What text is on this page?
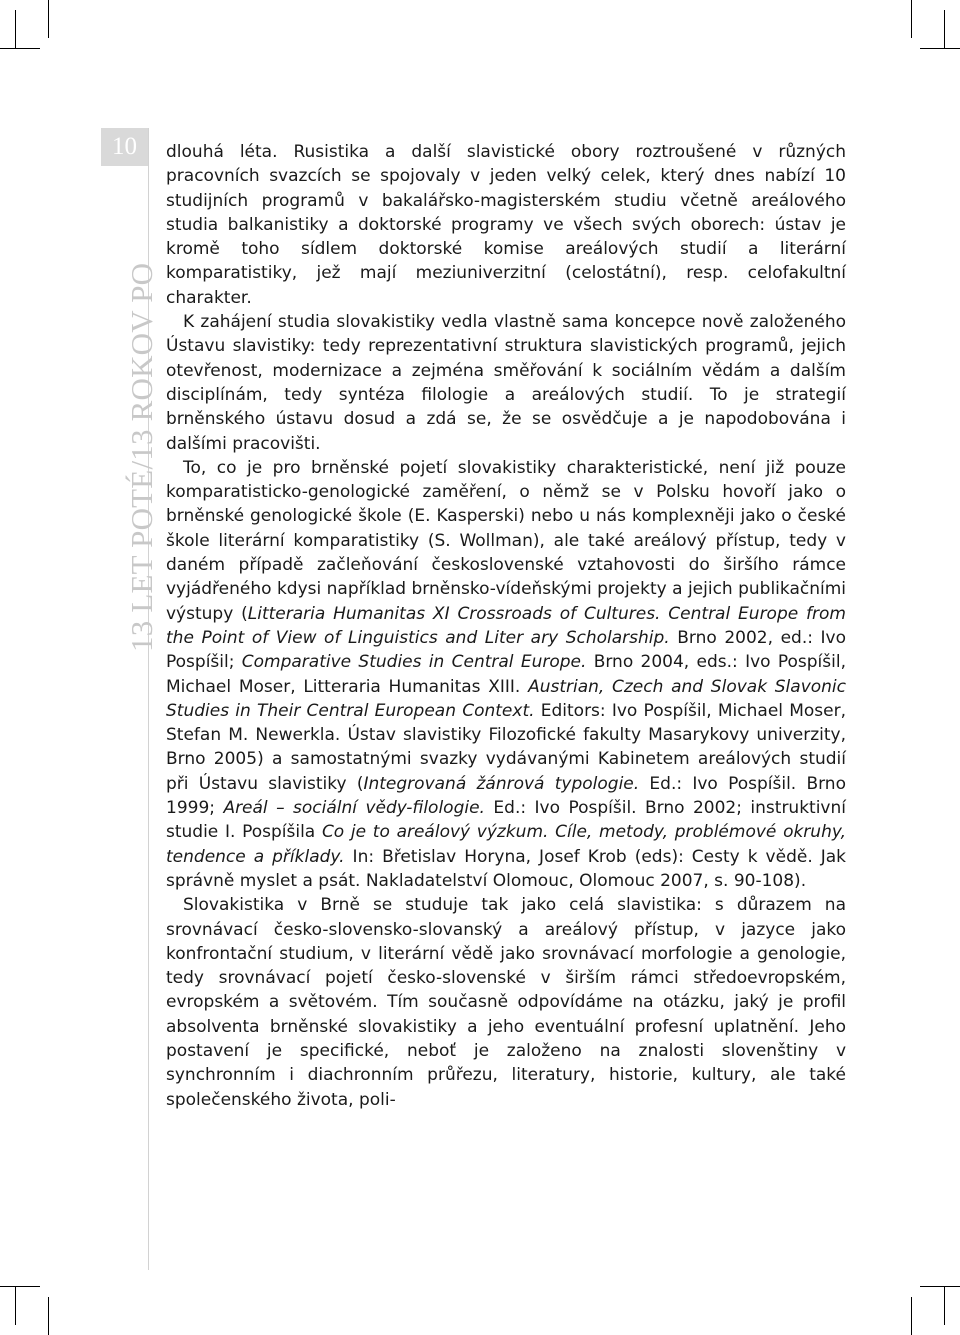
10
13 LET POTÉ/13 ROKOV PO

dlouhá léta. Rusistika a další slavistické obory roztroušené v různých pracovních svazcích se spojovaly v jeden velký celek, který dnes nabízí 10 studijních programů v bakalářsko-magisterském studiu včetně areálového studia balkanistiky a doktorské programy ve všech svých oborech: ústav je kromě toho sídlem doktorské komise areálových studií a literární komparatistiky, jež mají meziuniverzitní (celostátní), resp. celofakultní charakter.

K zahájení studia slovakistiky vedla vlastně sama koncepce nově založeného Ústavu slavistiky: tedy reprezentativní struktura slavistických programů, jejich otevřenost, modernizace a zejména směřování k sociálním vědám a dalším disciplínám, tedy syntéza filologie a areálových studií. To je strategií brněnského ústavu dosud a zdá se, že se osvědčuje a je napodobována i dalšími pracovišti.

To, co je pro brněnské pojetí slovakistiky charakteristické, není již pouze komparatisticko-genologické zaměření, o němž se v Polsku hovoří jako o brněnské genologické škole (E. Kasperski) nebo u nás komplexněji jako o české škole literární komparatistiky (S. Wollman), ale také areálový přístup, tedy v daném případě začleňování československé vztahovosti do širšího rámce vyjádřeného kdysi například brněnsko-vídeňskými projekty a jejich publikačními výstupy (Litteraria Humanitas XI Crossroads of Cultures. Central Europe from the Point of View of Linguistics and Liter ary Scholarship. Brno 2002, ed.: Ivo Pospíšil; Comparative Studies in Central Europe. Brno 2004, eds.: Ivo Pospíšil, Michael Moser, Litteraria Humanitas XIII. Austrian, Czech and Slovak Slavonic Studies in Their Central European Context. Editors: Ivo Pospíšil, Michael Moser, Stefan M. Newerkla. Ústav slavistiky Filozofické fakulty Masarykovy univerzity, Brno 2005) a samostatnými svazky vydávanými Kabinetem areálových studií při Ústavu slavistiky (Integrovaná žánrová typologie. Ed.: Ivo Pospíšil. Brno 1999; Areál – sociální vědy-filologie. Ed.: Ivo Pospíšil. Brno 2002; instruktivní studie I. Pospíšila Co je to areálový výzkum. Cíle, metody, problémové okruhy, tendence a příklady. In: Břetislav Horyna, Josef Krob (eds): Cesty k vědě. Jak správně myslet a psát. Nakladatelství Olomouc, Olomouc 2007, s. 90-108).

Slovakistika v Brně se studuje tak jako celá slavistika: s důrazem na srovnávací česko-slovensko-slovanský a areálový přístup, v jazyce jako konfrontační studium, v literární vědě jako srovnávací morfologie a genologie, tedy srovnávací pojetí česko-slovenské v širším rámci středoevropském, evropském a světovém. Tím současně odpovídáme na otázku, jaký je profil absolventa brněnské slovakistiky a jeho eventuální profesní uplatnění. Jeho postavení je specifické, neboť je založeno na znalosti slovenštiny v synchronním i diachronním průřezu, literatury, historie, kultury, ale také společenského života, poli-
